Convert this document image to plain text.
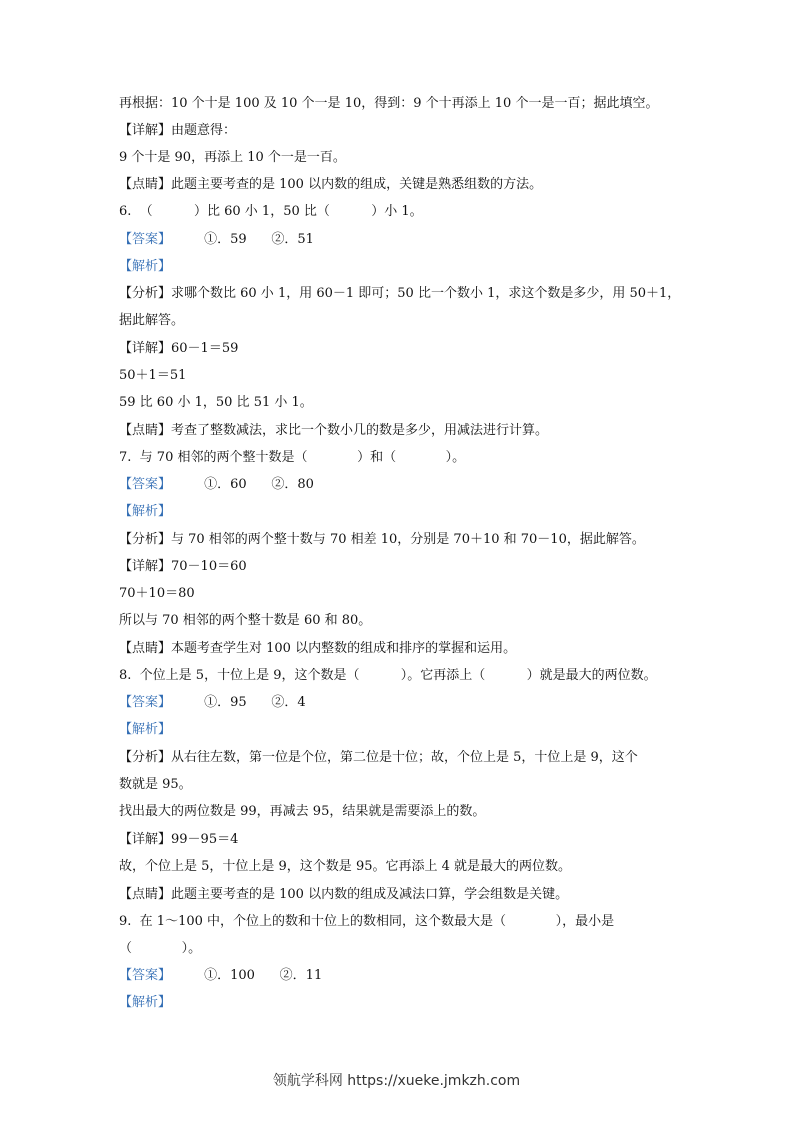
再根据：10 个十是 100 及 10 个一是 10，得到：9 个十再添上 10 个一是一百；据此填空。
【详解】由题意得：
9 个十是 90，再添上 10 个一是一百。
【点睛】此题主要考查的是 100 以内数的组成，关键是熟悉组数的方法。
6.  （          ）比 60 小 1，50 比（          ）小 1。
【答案】        ①．59      ②．51
【解析】
【分析】求哪个数比 60 小 1，用 60－1 即可；50 比一个数小 1，求这个数是多少，用 50＋1，
据此解答。
【详解】60－1＝59
50＋1＝51
59 比 60 小 1，50 比 51 小 1。
【点睛】考查了整数减法，求比一个数小几的数是多少，用减法进行计算。
7.  与 70 相邻的两个整十数是（            ）和（            ）。
【答案】        ①．60      ②．80
【解析】
【分析】与 70 相邻的两个整十数与 70 相差 10，分别是 70＋10 和 70－10，据此解答。
【详解】70－10＝60
70＋10＝80
所以与 70 相邻的两个整十数是 60 和 80。
【点睛】本题考查学生对 100 以内整数的组成和排序的掌握和运用。
8.  个位上是 5，十位上是 9，这个数是（          ）。它再添上（          ）就是最大的两位数。
【答案】        ①．95      ②．4
【解析】
【分析】从右往左数，第一位是个位，第二位是十位；故，个位上是 5，十位上是 9，这个
数就是 95。
找出最大的两位数是 99，再减去 95，结果就是需要添上的数。
【详解】99－95＝4
故，个位上是 5，十位上是 9，这个数是 95。它再添上 4 就是最大的两位数。
【点睛】此题主要考查的是 100 以内数的组成及减法口算，学会组数是关键。
9.  在 1～100 中，个位上的数和十位上的数相同，这个数最大是（            ），最小是
（            ）。
【答案】        ①．100      ②．11
【解析】
领航学科网 https://xueke.jmkzh.com
